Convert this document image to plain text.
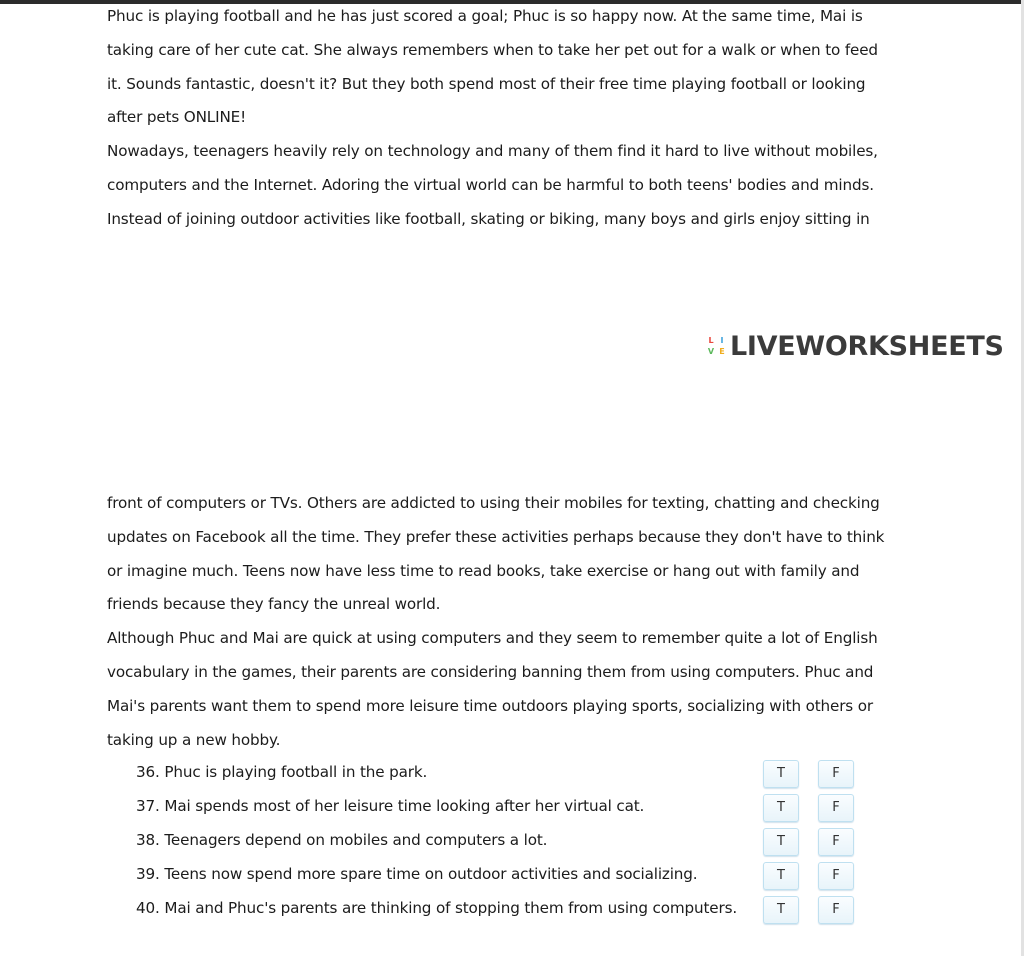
Phuc is playing football and he has just scored a goal; Phuc is so happy now. At the same time, Mai is taking care of her cute cat. She always remembers when to take her pet out for a walk or when to feed it. Sounds fantastic, doesn't it? But they both spend most of their free time playing football or looking after pets ONLINE!

Nowadays, teenagers heavily rely on technology and many of them find it hard to live without mobiles, computers and the Internet. Adoring the virtual world can be harmful to both teens' bodies and minds. Instead of joining outdoor activities like football, skating or biking, many boys and girls enjoy sitting in

L I
V E LIVEWORKSHEETS

front of computers or TVs. Others are addicted to using their mobiles for texting, chatting and checking updates on Facebook all the time. They prefer these activities perhaps because they don't have to think or imagine much. Teens now have less time to read books, take exercise or hang out with family and friends because they fancy the unreal world.

Although Phuc and Mai are quick at using computers and they seem to remember quite a lot of English vocabulary in the games, their parents are considering banning them from using computers. Phuc and Mai's parents want them to spend more leisure time outdoors playing sports, socializing with others or taking up a new hobby.

36. Phuc is playing football in the park.	T	F
37. Mai spends most of her leisure time looking after her virtual cat.	T	F
38. Teenagers depend on mobiles and computers a lot.	T	F
39. Teens now spend more spare time on outdoor activities and socializing.	T	F
40. Mai and Phuc's parents are thinking of stopping them from using computers.	T	F
